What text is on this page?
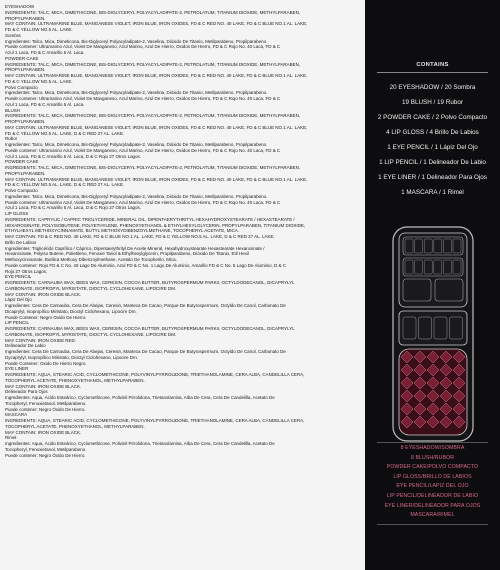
EYESHADOW
INGREDIENTS: TALC, MICA, DIMETHICONE, BIS-DIGLYCERYL POLYACYLADIPATE-2, PETROLATUM, TITANIUM DIOXIDE, METHYLPARABEN,
PROPYLPARABEN.
MAY CONTAIN: ULTRAMARINE BLUE, MANGANESE VIOLET, IRON BLUE, IRON OXIDES, FD & C RED NO. 40 LAKE, FD & C BLUE NO.1 AL. LAKE,
FD & C YELLOW NO.5 AL. LAKE.
Sombra
Ingredientes: Talco, Mica, Dimeticona, Bis-Diglyceryl Polyacyladipate-2, Vaselina, Dióxido De Titanio, Metilparabeno, Propilparabeno.
Puede contener: Ultramarino Azul, Violet De Manganeso, Azul Marino, Azul De Hierro, Oxidos De Hierro, FD & C Rojo No. 40 Laca, FD & C
Azul 1 Laca, FD & C Amarillo 5 Al. Laca.
POWDER CAKE
INGREDIENTS: TALC, MICA, DIMETHICONE, BIS-DIGLYCERYL POLYACYLADIPATE-2, PETROLATUM, TITANIUM DIOXIDE, METHYLPARABEN,
PROPYLPARABEN.
MAY CONTAIN: ULTRAMARINE BLUE, MANGANESE VIOLET, IRON BLUE, IRON OXIDES, FD & C RED NO. 40 LAKE, FD & C BLUE NO.1 AL. LAKE,
FD & C YELLOW NO.5 AL. LAKE.
Polvo Compacto
Ingredientes: Talco, Mica, Dimeticona, Bis-Diglyceryl Polyacyladipate-2, Vaselina, Dióxido De Titanio, Metilparabeno, Propilparabeno.
Puede contener: Ultramarino Azul, Violet De Manganeso, Azul Marino, Azul De Hierro, Oxidos De Hierro, FD & C Rojo No. 40 Laca, FD & C
Azul 1 Laca, FD & C Amarillo 5 Al. Laca.
BLUSH
INGREDIENTS: TALC, MICA, DIMETHICONE, BIS-DIGLYCERYL POLYACYLADIPATE-2, PETROLATUM, TITANIUM DIOXIDE, METHYLPARABEN,
PROPYLPARABEN.
MAY CONTAIN: ULTRAMARINE BLUE, MANGANESE VIOLET, IRON BLUE, IRON OXIDES, FD & C RED NO. 40 LAKE, FD & C BLUE NO.1 AL. LAKE,
FD & C YELLOW NO.5 AL. LAKE, D & C RED 27 AL. LAKE.
Rubor
Ingredientes: Talco, Mica, Dimeticona, Bis-Diglyceryl Polyacyladipate-2, Vaselina, Dióxido De Titanio, Metilparabeno, Propilparabeno.
Puede contener: Ultramarino Azul, Violet De Manganeso, Azul Marino, Azul De Hierro, Oxidos De Hierro, FD & C Rojo No. 40 Laca, FD & C
Azul 1 Laca, FD & C Amarillo 5 Al. Laca, D & C Rojo 27 Otros Lagos.
POWDER CAKE
INGREDIENTS: TALC, MICA, DIMETHICONE, BIS-DIGLYCERYL POLYACYLADIPATE-2, PETROLATUM, TITANIUM DIOXIDE, METHYLPARABEN,
PROPYLPARABEN.
MAY CONTAIN: ULTRAMARINE BLUE, MANGANESE VIOLET, IRON BLUE, IRON OXIDES, FD & C RED NO. 40 LAKE, FD & C BLUE NO.1 AL. LAKE,
FD & C YELLOW NO.5 AL. LAKE, D & C RED 27 AL. LAKE.
Polvo Compacto
Ingredientes: Talco, Mica, Dimeticona, Bis-Diglyceryl Polyacyladipate-2, Vaselina, Dióxido De Titanio, Metilparabeno, Propilparabeno.
Puede contener: Ultramarino Azul, Violet De Manganeso, Azul Marino, Azul De Hierro, Oxidos De Hierro, FD & C Rojo No. 40 Laca, FD & C
Azul 1 Laca, FD & C Amarillo 5 Al. Laca, D & C Rojo 27 Otros Lagos.
LIP GLOSS
INGREDIENTS: CAPRYLIC / CAPRIC TRIGLYCERIDE, MINERAL OIL, DIPENTAERYTHRITYL HEXAHYDROXYSTEARATE / HEXASTEARATE /
HEXAROSINATE, POLYISOBUTENE, POLYETHYLENE, PHENOXYETHANOL & ETHYLHEXYLGLYCERIN, PROPYLPARABEN, TITANIUM DIOXIDE,
ETHYLHEXYL METHOXYCINNAMATE, BUTYL METHOXYDIBENZOYLMETHANE, TOCOPHERYL ACETATE, MICA.
MAY CONTAIN: FD & C RED NO. 40 LAKE, FD & C BLUE NO.1 AL. LAKE, FD & C YELLOW NO.5 AL. LAKE, D & C RED 27 AL. LAKE.
Brillo De Labios
Ingredientes: Triglicérido Caprílico / Cáprico, Dipentaerythrityl De Aceite Mineral, Hexahydroxystearate Hexastearate Hexarosinate /
Hexarosinate, Polyiso Butene, Polietileno, Fenoxie Tanol & Ethylhexylglycerin, Propilparabeno, Dióxido De Titanio, Etil Hexil
Methoxycinnamate, Butilica Methoxy Dibenzoylmethane, Acetato De Tocopherilo, Mica.
Puede contener: Rojo FD & C No. 40 Lago De Aluminio, Azul FD & C No. 1 Lago De Aluminio, Amarillo FD & C No. 5 Lago De Aluminio, D & C
Rojo 27 Otros Lagos.
EYE PENCIL
INGREDIENTS: CARNAUBA WAX, BEES WAX, CERESIN, COCOA BUTTER, BUTYROSPERMUM PARKII, OCTYLDODECANOL, DICAPRYLYL
CARBONATE, ISOPROPYL MYRISTATE, DIOCTYL CYCLOHEXANE, LIPOCIRE DM.
MAY CONTAIN: IRON OXIDE BLACK.
Lápiz Del Ojo
Ingredientes: Cera De Carnauba, Cera De Abejas, Ceresin, Manteca De Cacao, Parque De Butyrospermum, Octyldo De Canol, Carbonato De
Dicaprylyl, Isopropílico Miristato, Dioctyl Ciclohexano, Lipocire Dm.
Puede Contener: Negro Oxido De Hierro.
LIP PENCIL
INGREDIENTS: CARNAUBA WAX, BEES WAX, CERESIN, COCOA BUTTER, BUTYROSPERMUM PARKII, OCTYLDODECANOL, DICAPRYLYL
CARBONATE, ISOPROPYL MYRISTATE, DIOCTYL CYCLOHEXANE, LIPOCIRE DM.
MAY CONTAIN: IRON OXIDE RED.
Delineador De Labio
Ingredientes: Cera De Carnauba, Cera De Abejas, Ceresin, Manteca De Cacao, Parque De Butyrospermum, Octyldo De Canol, Carbonato De
Dycaprylyl, Isopropílico Miristato, Dioctyl Ciclohexano, Lipocire Dm.
Puede Contener: Oxido De Hierro Negro.
EYE LINER
INGREDIENTS: AQUA, STEARIC ACID, CYCLOMETHICONE, POLYVINYLPYRROLIDONE, TRIETHANOLAMINE, CERA ALBA, CANDELILLA CERA,
TOCOPHERYL ACETATE, PHENOXYETHANOL, METHYLPARABEN.
MAY CONTAIN: IRON OXIDE BLACK.
Delineador Para Ojos
Ingredientes: Aqua, Ácido Esteárico, Cyclomethicone, Polivinil Pirrolidona, Trietanolamina, Alba De Cera, Cera De Candelilla, Acetato De
Tocopheryl, Fenoxietanol, Metilparabeno.
Puede contener: Negro Óxido De Hierro.
MASCARA
INGREDIENTS: AQUA, STEARIC ACID, CYCLOMETHICONE, POLYVINYLPYRROLIDONE, TRIETHANOLAMINE, CERA ALBA, CANDELILLA CERA,
TOCOPHERYL ACETATE, PHENOXYETHANOL, METHYLPARABEN.
MAY CONTAIN: IRON OXIDE BLACK.
Rimel
Ingredientes: Aqua, Ácido Esteárico, Cyclomethicone, Polivinil Pirrolidona, Trietanolamina, Alba De Cera, Cera De Candelilla, Acetato De
Tocopheryl, Fenoxietanol, Metilparabeno.
Puede contener: Negro Óxido De Hierro.
CONTAINS
20 EYESHADOW / 20 Sombra
19 BLUSH / 19 Rubor
2 POWDER CAKE / 2 Polvo Compacto
4 LIP GLOSS / 4 Brillo De Labios
1 EYE PENCIL / 1 Lápiz Del Ojo
1 LIP PENCIL / 1 Delineador De Labio
1 EYE LINER / 1 Delineador Para Ojos
1 MASCARA / 1 Rimel
8 EYESHADOW/SOMBRA
8 BLUSH/RUBOR
POWDER CAKE/POLVO COMPACTO
LIP GLOSS/BRILLO DE LABIOS
EYE PENCIL/LAPIZ DEL OJO
LIP PENCIL/DELINEADOR DE LABIO
EYE LINER/DELINEADOR PARA OJOS
MASCARA/RIMEL
